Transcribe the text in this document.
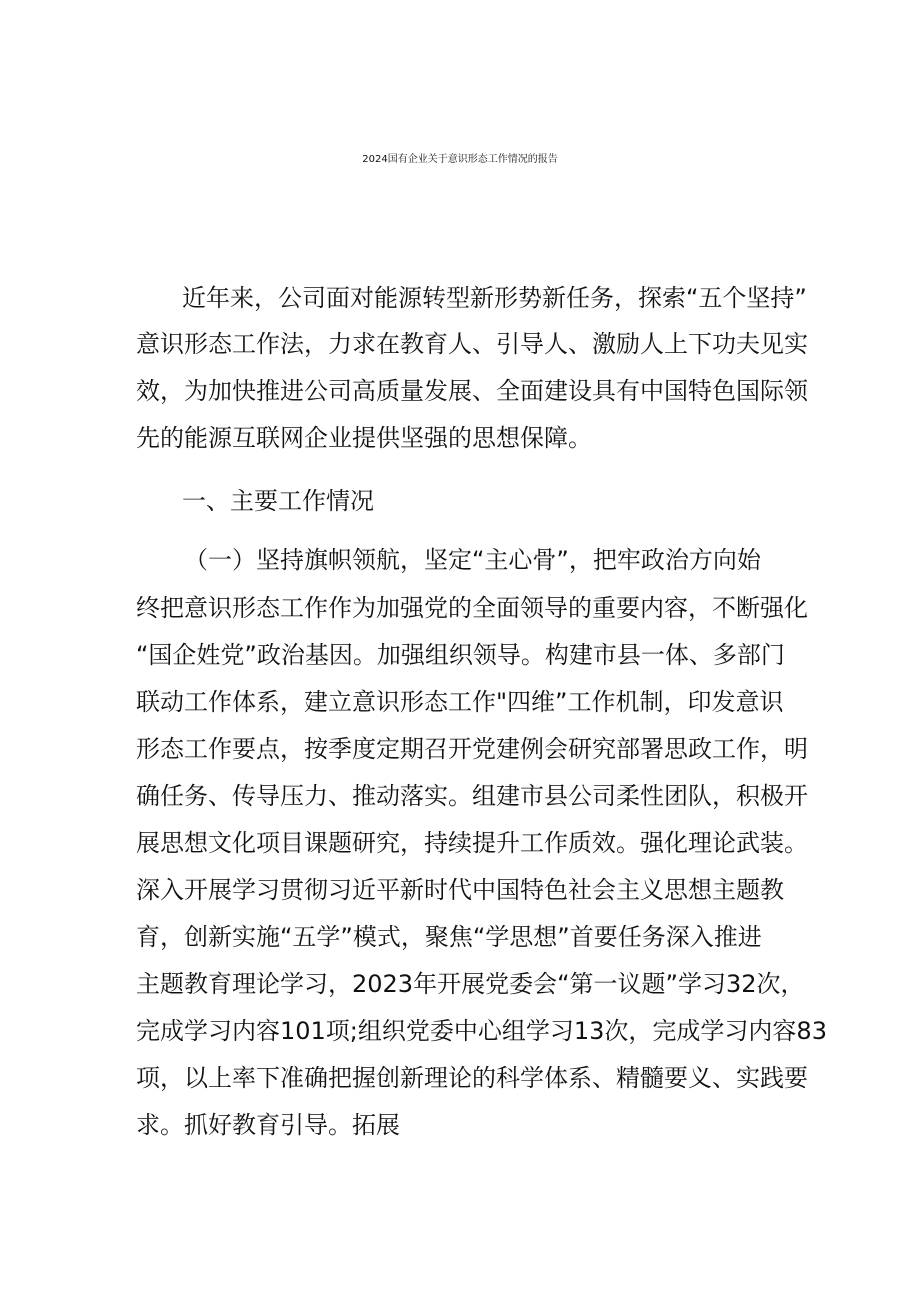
2024国有企业关于意识形态工作情况的报告

近年来，公司面对能源转型新形势新任务，探索“五个坚持”

意识形态工作法，力求在教育人、引导人、激励人上下功夫见实

效，为加快推进公司高质量发展、全面建设具有中国特色国际领

先的能源互联网企业提供坚强的思想保障。

一、主要工作情况

（一）坚持旗帜领航，坚定“主心骨”，把牢政治方向始

终把意识形态工作作为加强党的全面领导的重要内容，不断强化

“国企姓党”政治基因。加强组织领导。构建市县一体、多部门

联动工作体系，建立意识形态工作"四维”工作机制，印发意识

形态工作要点，按季度定期召开党建例会研究部署思政工作，明

确任务、传导压力、推动落实。组建市县公司柔性团队，积极开

展思想文化项目课题研究，持续提升工作质效。强化理论武装。

深入开展学习贯彻习近平新时代中国特色社会主义思想主题教

育，创新实施“五学”模式，聚焦“学思想”首要任务深入推进

主题教育理论学习，2023年开展党委会“第一议题”学习32次，

完成学习内容101项;组织党委中心组学习13次，完成学习内容83

项，以上率下准确把握创新理论的科学体系、精髓要义、实践要

求。抓好教育引导。拓展
